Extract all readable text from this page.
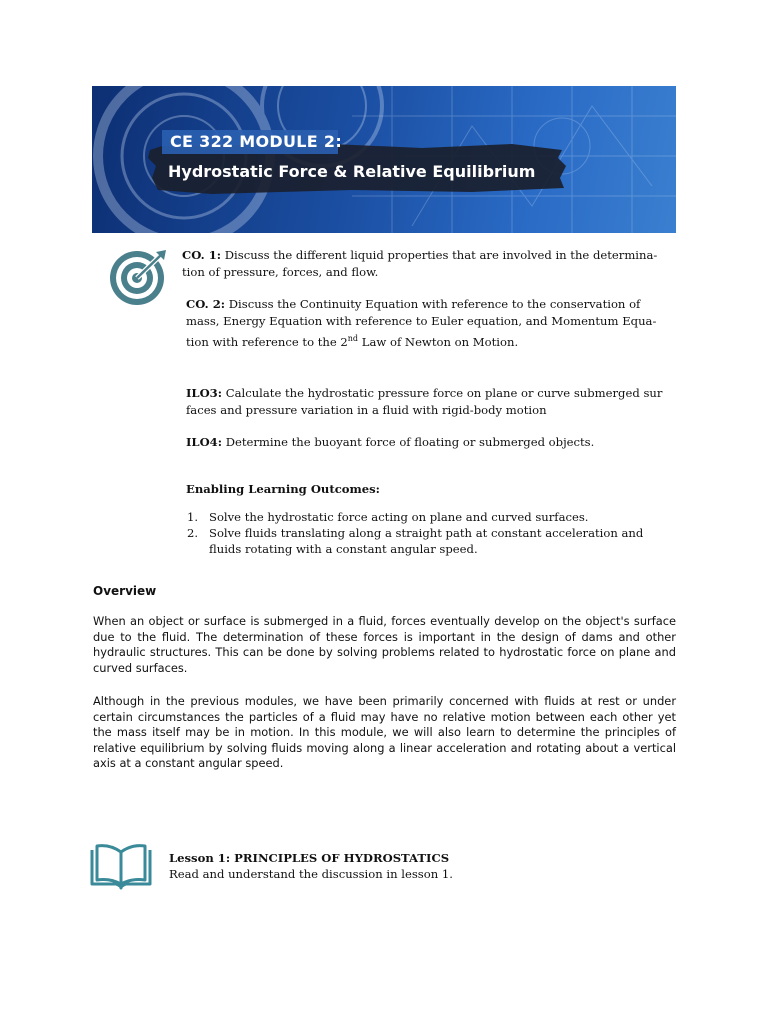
CE 322 MODULE 2:
Hydrostatic Force & Relative Equilibrium
CO. 1: Discuss the different liquid properties that are involved in the determina-
tion of pressure, forces, and flow.
CO. 2: Discuss the Continuity Equation with reference to the conservation of
mass, Energy Equation with reference to Euler equation, and Momentum Equa-
tion with reference to the 2nd Law of Newton on Motion.
ILO3: Calculate the hydrostatic pressure force on plane or curve submerged sur
faces and pressure variation in a fluid with rigid-body motion
ILO4: Determine the buoyant force of floating or submerged objects.
Enabling Learning Outcomes:
1. Solve the hydrostatic force acting on plane and curved surfaces.
2. Solve fluids translating along a straight path at constant acceleration and
fluids rotating with a constant angular speed.
Overview
When an object or surface is submerged in a fluid, forces eventually develop on the object's surface due to the fluid. The determination of these forces is important in the design of dams and other hydraulic structures. This can be done by solving problems related to hydrostatic force on plane and curved surfaces.
Although in the previous modules, we have been primarily concerned with fluids at rest or under certain circumstances the particles of a fluid may have no relative motion between each other yet the mass itself may be in motion. In this module, we will also learn to determine the principles of relative equilibrium by solving fluids moving along a linear acceleration and rotating about a vertical axis at a constant angular speed.
Lesson 1: PRINCIPLES OF HYDROSTATICS
Read and understand the discussion in lesson 1.
